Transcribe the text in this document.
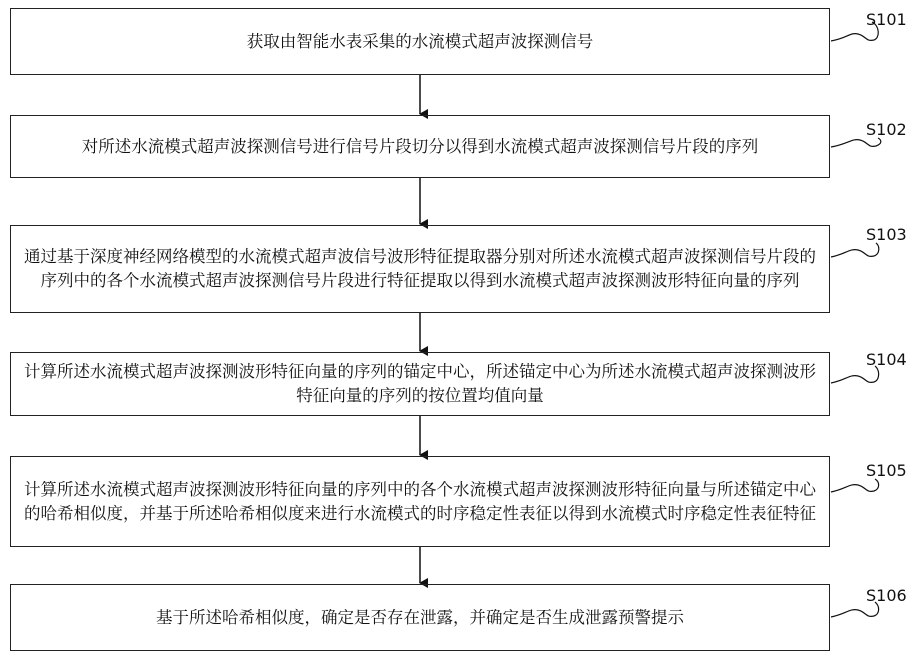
获取由智能水表采集的水流模式超声波探测信号
对所述水流模式超声波探测信号进行信号片段切分以得到水流模式超声波探测信号片段的序列
通过基于深度神经网络模型的水流模式超声波信号波形特征提取器分别对所述水流模式超声波探测信号片段的序列中的各个水流模式超声波探测信号片段进行特征提取以得到水流模式超声波探测波形特征向量的序列
计算所述水流模式超声波探测波形特征向量的序列的锚定中心，所述锚定中心为所述水流模式超声波探测波形特征向量的序列的按位置均值向量
计算所述水流模式超声波探测波形特征向量的序列中的各个水流模式超声波探测波形特征向量与所述锚定中心的哈希相似度，并基于所述哈希相似度来进行水流模式的时序稳定性表征以得到水流模式时序稳定性表征特征
基于所述哈希相似度，确定是否存在泄露，并确定是否生成泄露预警提示
S101
S102
S103
S104
S105
S106
